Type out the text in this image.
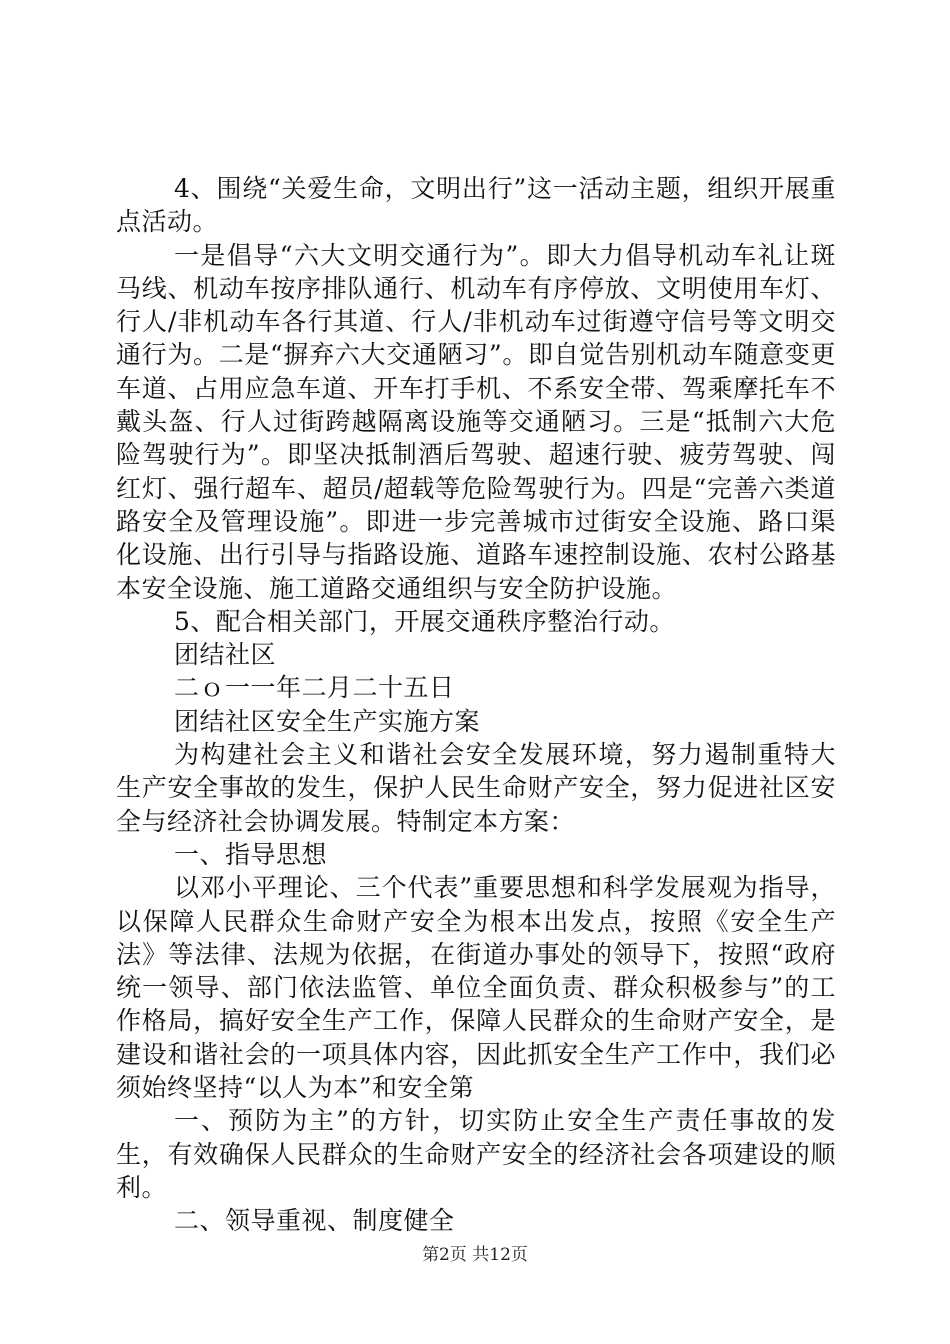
4、围绕“关爱生命，文明出行”这一活动主题，组织开展重点活动。

一是倡导“六大文明交通行为”。即大力倡导机动车礼让斑马线、机动车按序排队通行、机动车有序停放、文明使用车灯、行人/非机动车各行其道、行人/非机动车过街遵守信号等文明交通行为。二是“摒弃六大交通陋习”。即自觉告别机动车随意变更车道、占用应急车道、开车打手机、不系安全带、驾乘摩托车不戴头盔、行人过街跨越隔离设施等交通陋习。三是“抵制六大危险驾驶行为”。即坚决抵制酒后驾驶、超速行驶、疲劳驾驶、闯红灯、强行超车、超员/超载等危险驾驶行为。四是“完善六类道路安全及管理设施”。即进一步完善城市过街安全设施、路口渠化设施、出行引导与指路设施、道路车速控制设施、农村公路基本安全设施、施工道路交通组织与安全防护设施。

5、配合相关部门，开展交通秩序整治行动。

团结社区

二ｏ一一年二月二十五日

团结社区安全生产实施方案

为构建社会主义和谐社会安全发展环境，努力遏制重特大生产安全事故的发生，保护人民生命财产安全，努力促进社区安全与经济社会协调发展。特制定本方案：

一、指导思想

以邓小平理论、三个代表”重要思想和科学发展观为指导，以保障人民群众生命财产安全为根本出发点，按照《安全生产法》等法律、法规为依据，在街道办事处的领导下，按照“政府统一领导、部门依法监管、单位全面负责、群众积极参与”的工作格局，搞好安全生产工作，保障人民群众的生命财产安全，是建设和谐社会的一项具体内容，因此抓安全生产工作中，我们必须始终坚持“以人为本”和安全第

一、预防为主”的方针，切实防止安全生产责任事故的发生，有效确保人民群众的生命财产安全的经济社会各项建设的顺利。

二、领导重视、制度健全

第2页 共12页
